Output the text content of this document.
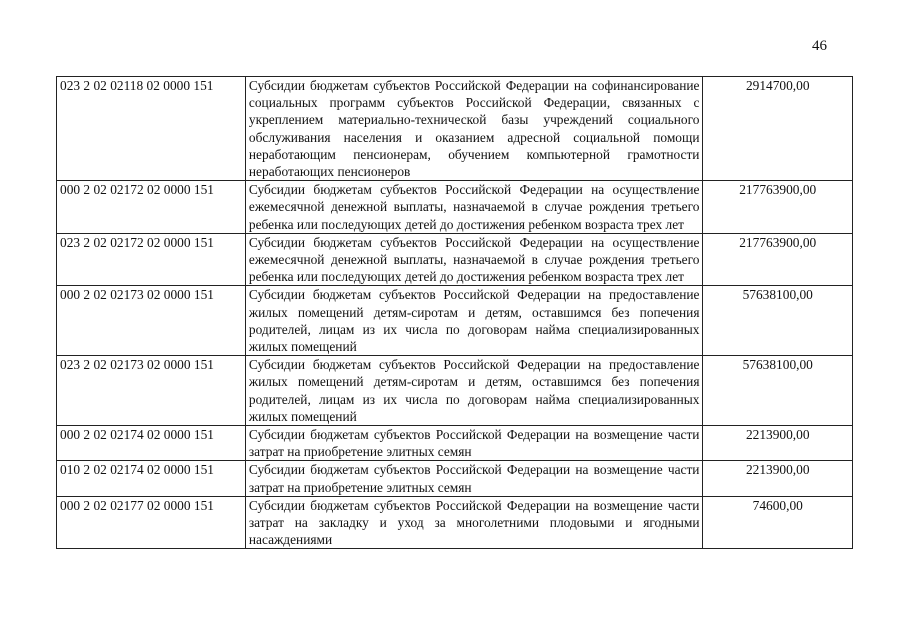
46
023 2 02 02118 02 0000 151	Субсидии бюджетам субъектов Российской Федерации на софинансирование социальных программ субъектов Российской Федерации, связанных с укреплением материально-технической базы учреждений социального обслуживания населения и оказанием адресной социальной помощи неработающим пенсионерам, обучением компьютерной грамотности неработающих пенсионеров	2914700,00
000 2 02 02172 02 0000 151	Субсидии бюджетам субъектов Российской Федерации на осуществление ежемесячной денежной выплаты, назначаемой в случае рождения третьего ребенка или последующих детей до достижения ребенком возраста трех лет	217763900,00
023 2 02 02172 02 0000 151	Субсидии бюджетам субъектов Российской Федерации на осуществление ежемесячной денежной выплаты, назначаемой в случае рождения третьего ребенка или последующих детей до достижения ребенком возраста трех лет	217763900,00
000 2 02 02173 02 0000 151	Субсидии бюджетам субъектов Российской Федерации на предоставление жилых помещений детям-сиротам и детям, оставшимся без попечения родителей, лицам из их числа по договорам найма специализированных жилых помещений	57638100,00
023 2 02 02173 02 0000 151	Субсидии бюджетам субъектов Российской Федерации на предоставление жилых помещений детям-сиротам и детям, оставшимся без попечения родителей, лицам из их числа по договорам найма специализированных жилых помещений	57638100,00
000 2 02 02174 02 0000 151	Субсидии бюджетам субъектов Российской Федерации на возмещение части затрат на приобретение элитных семян	2213900,00
010 2 02 02174 02 0000 151	Субсидии бюджетам субъектов Российской Федерации на возмещение части затрат на приобретение элитных семян	2213900,00
000 2 02 02177 02 0000 151	Субсидии бюджетам субъектов Российской Федерации на возмещение части затрат на закладку и уход за многолетними плодовыми и ягодными насаждениями	74600,00
